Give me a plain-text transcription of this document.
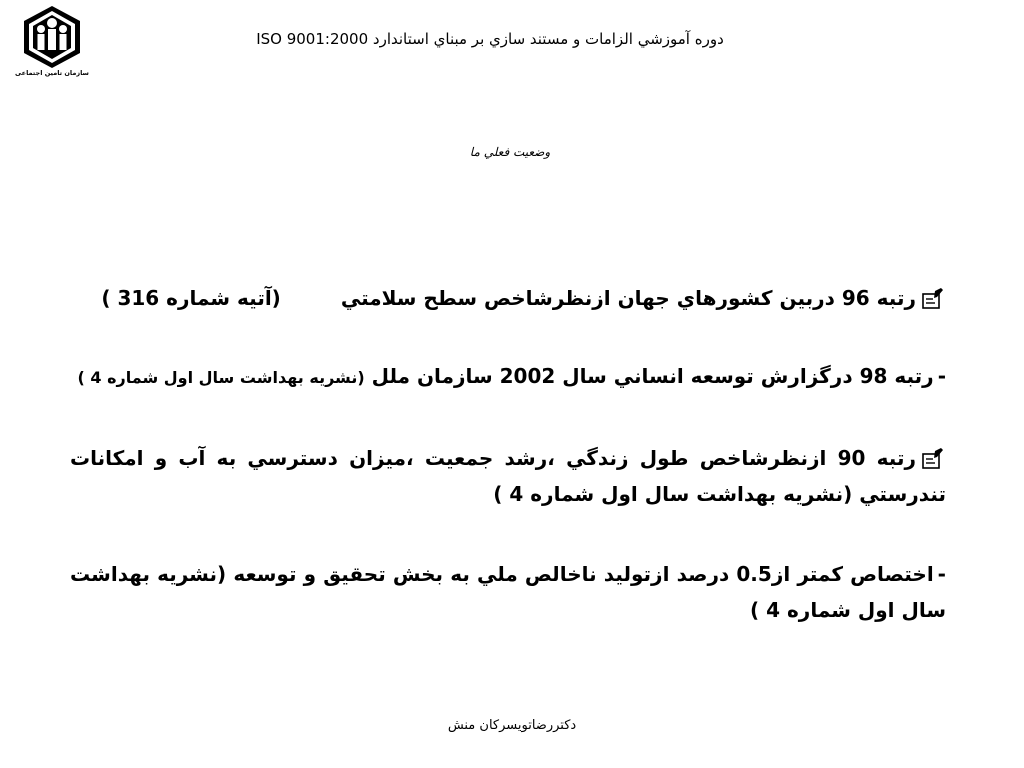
سازمان تامین اجتماعی
دوره آموزشي الزامات و مستند سازي بر مبناي استاندارد ISO 9001:2000
وضعيت فعلي ما
رتبه 96 دربين كشورهاي جهان ازنظرشاخص سطح سلامتي(آتيه شماره 316 )
-رتبه 98 درگزارش توسعه انساني سال 2002 سازمان ملل (نشريه بهداشت سال اول شماره 4 )
رتبه 90 ازنظرشاخص طول زندگي ،رشد جمعيت ،ميزان دسترسي به آب و امكانات تندرستي (نشريه بهداشت سال اول شماره 4 )
-اختصاص كمتر از0.5 درصد ازتوليد ناخالص ملي به بخش تحقيق و توسعه (نشريه بهداشت سال اول شماره 4 )
دكتررضاتويسركان منش
